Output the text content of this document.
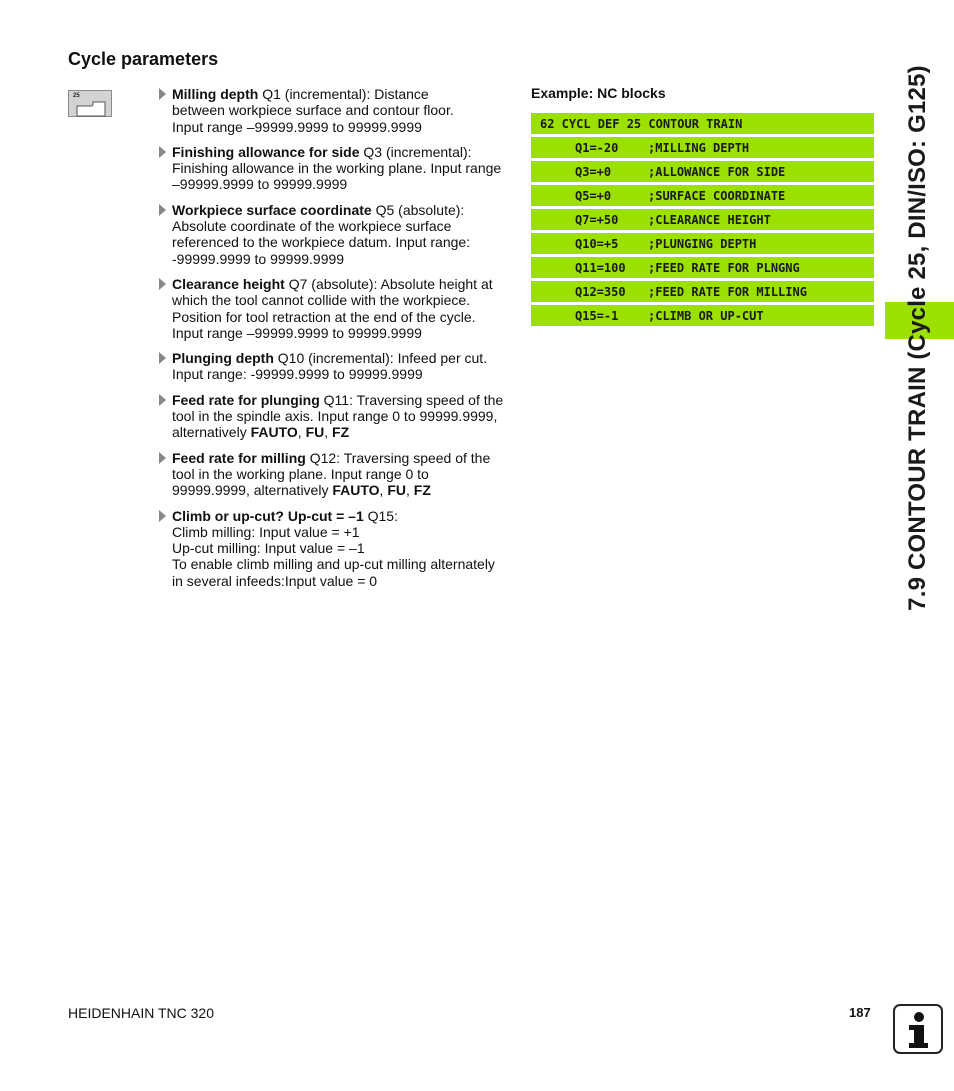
Cycle parameters
25	Milling depth Q1 (incremental): Distance
between workpiece surface and contour floor.
Input range –99999.9999 to 99999.9999
Finishing allowance for side Q3 (incremental):
Finishing allowance in the working plane. Input range
–99999.9999 to 99999.9999
Workpiece surface coordinate Q5 (absolute):
Absolute coordinate of the workpiece surface
referenced to the workpiece datum. Input range:
-99999.9999 to 99999.9999
Clearance height Q7 (absolute): Absolute height at
which the tool cannot collide with the workpiece.
Position for tool retraction at the end of the cycle.
Input range –99999.9999 to 99999.9999
Plunging depth Q10 (incremental): Infeed per cut.
Input range: -99999.9999 to 99999.9999
Feed rate for plunging Q11: Traversing speed of the
tool in the spindle axis. Input range 0 to 99999.9999,
alternatively FAUTO, FU, FZ
Feed rate for milling Q12: Traversing speed of the
tool in the working plane. Input range 0 to
99999.9999, alternatively FAUTO, FU, FZ
Climb or up-cut? Up-cut = –1 Q15:
Climb milling: Input value = +1
Up-cut milling: Input value = –1
To enable climb milling and up-cut milling alternately
in several infeeds:Input value = 0
Example: NC blocks
62 CYCL DEF 25 CONTOUR TRAIN
Q1=-20	;MILLING DEPTH
Q3=+0	;ALLOWANCE FOR SIDE
Q5=+0	;SURFACE COORDINATE
Q7=+50	;CLEARANCE HEIGHT
Q10=+5	;PLUNGING DEPTH
Q11=100	;FEED RATE FOR PLNGNG
Q12=350	;FEED RATE FOR MILLING
Q15=-1	;CLIMB OR UP-CUT	7.9 CONTOUR TRAIN (Cycle 25, DIN/ISO: G125)
HEIDENHAIN TNC 320	187
